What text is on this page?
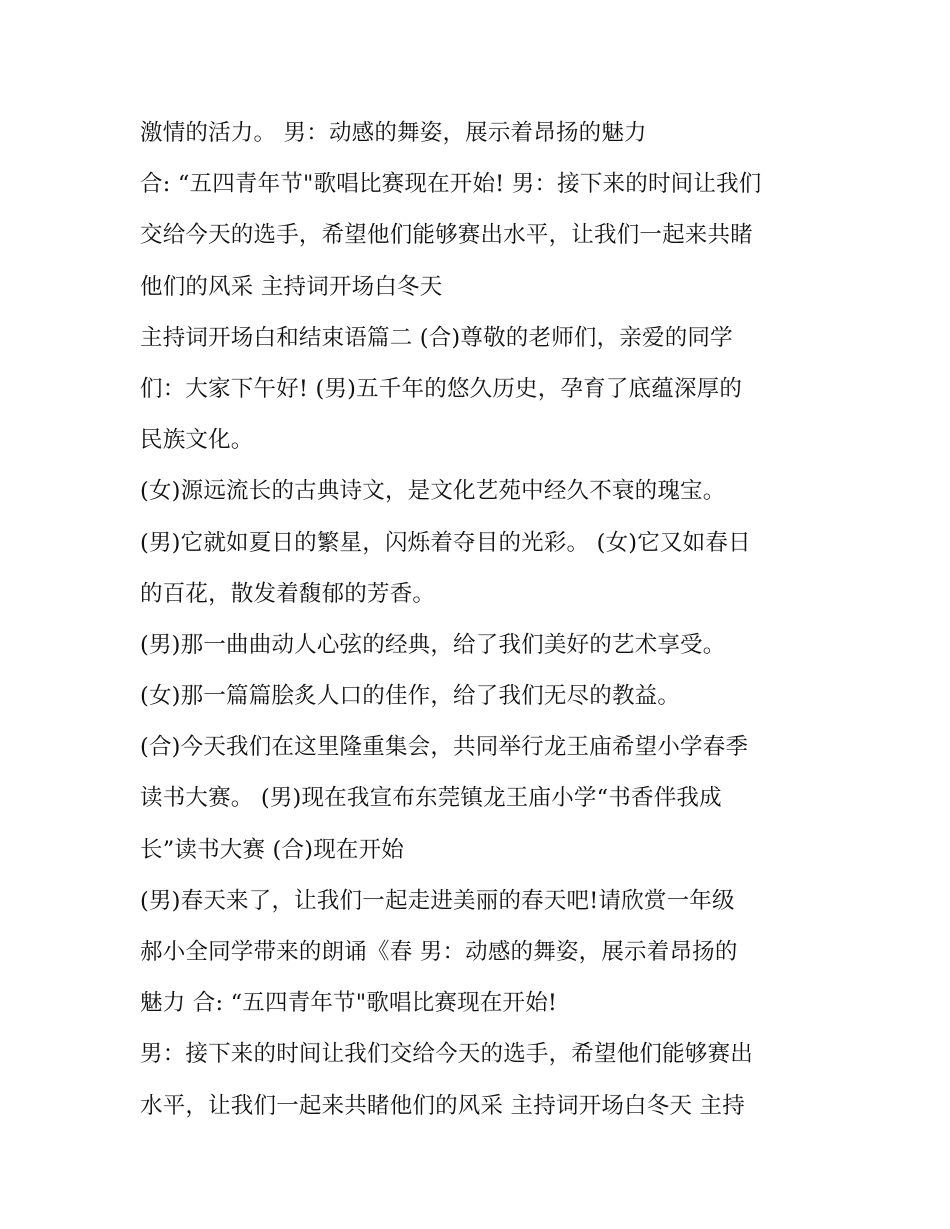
激情的活力。 男：动感的舞姿，展示着昂扬的魅力
合: “五四青年节"歌唱比赛现在开始! 男：接下来的时间让我们
交给今天的选手，希望他们能够赛出水平，让我们一起来共睹
他们的风采 主持词开场白冬天
主持词开场白和结束语篇二 (合)尊敬的老师们，亲爱的同学
们：大家下午好! (男)五千年的悠久历史，孕育了底蕴深厚的
民族文化。
(女)源远流长的古典诗文，是文化艺苑中经久不衰的瑰宝。
(男)它就如夏日的繁星，闪烁着夺目的光彩。 (女)它又如春日
的百花，散发着馥郁的芳香。
(男)那一曲曲动人心弦的经典，给了我们美好的艺术享受。
(女)那一篇篇脍炙人口的佳作，给了我们无尽的教益。
(合)今天我们在这里隆重集会，共同举行龙王庙希望小学春季
读书大赛。 (男)现在我宣布东莞镇龙王庙小学“书香伴我成
长”读书大赛 (合)现在开始
(男)春天来了，让我们一起走进美丽的春天吧!请欣赏一年级
郝小全同学带来的朗诵《春 男：动感的舞姿，展示着昂扬的
魅力 合: “五四青年节"歌唱比赛现在开始!
男：接下来的时间让我们交给今天的选手，希望他们能够赛出
水平，让我们一起来共睹他们的风采 主持词开场白冬天 主持
